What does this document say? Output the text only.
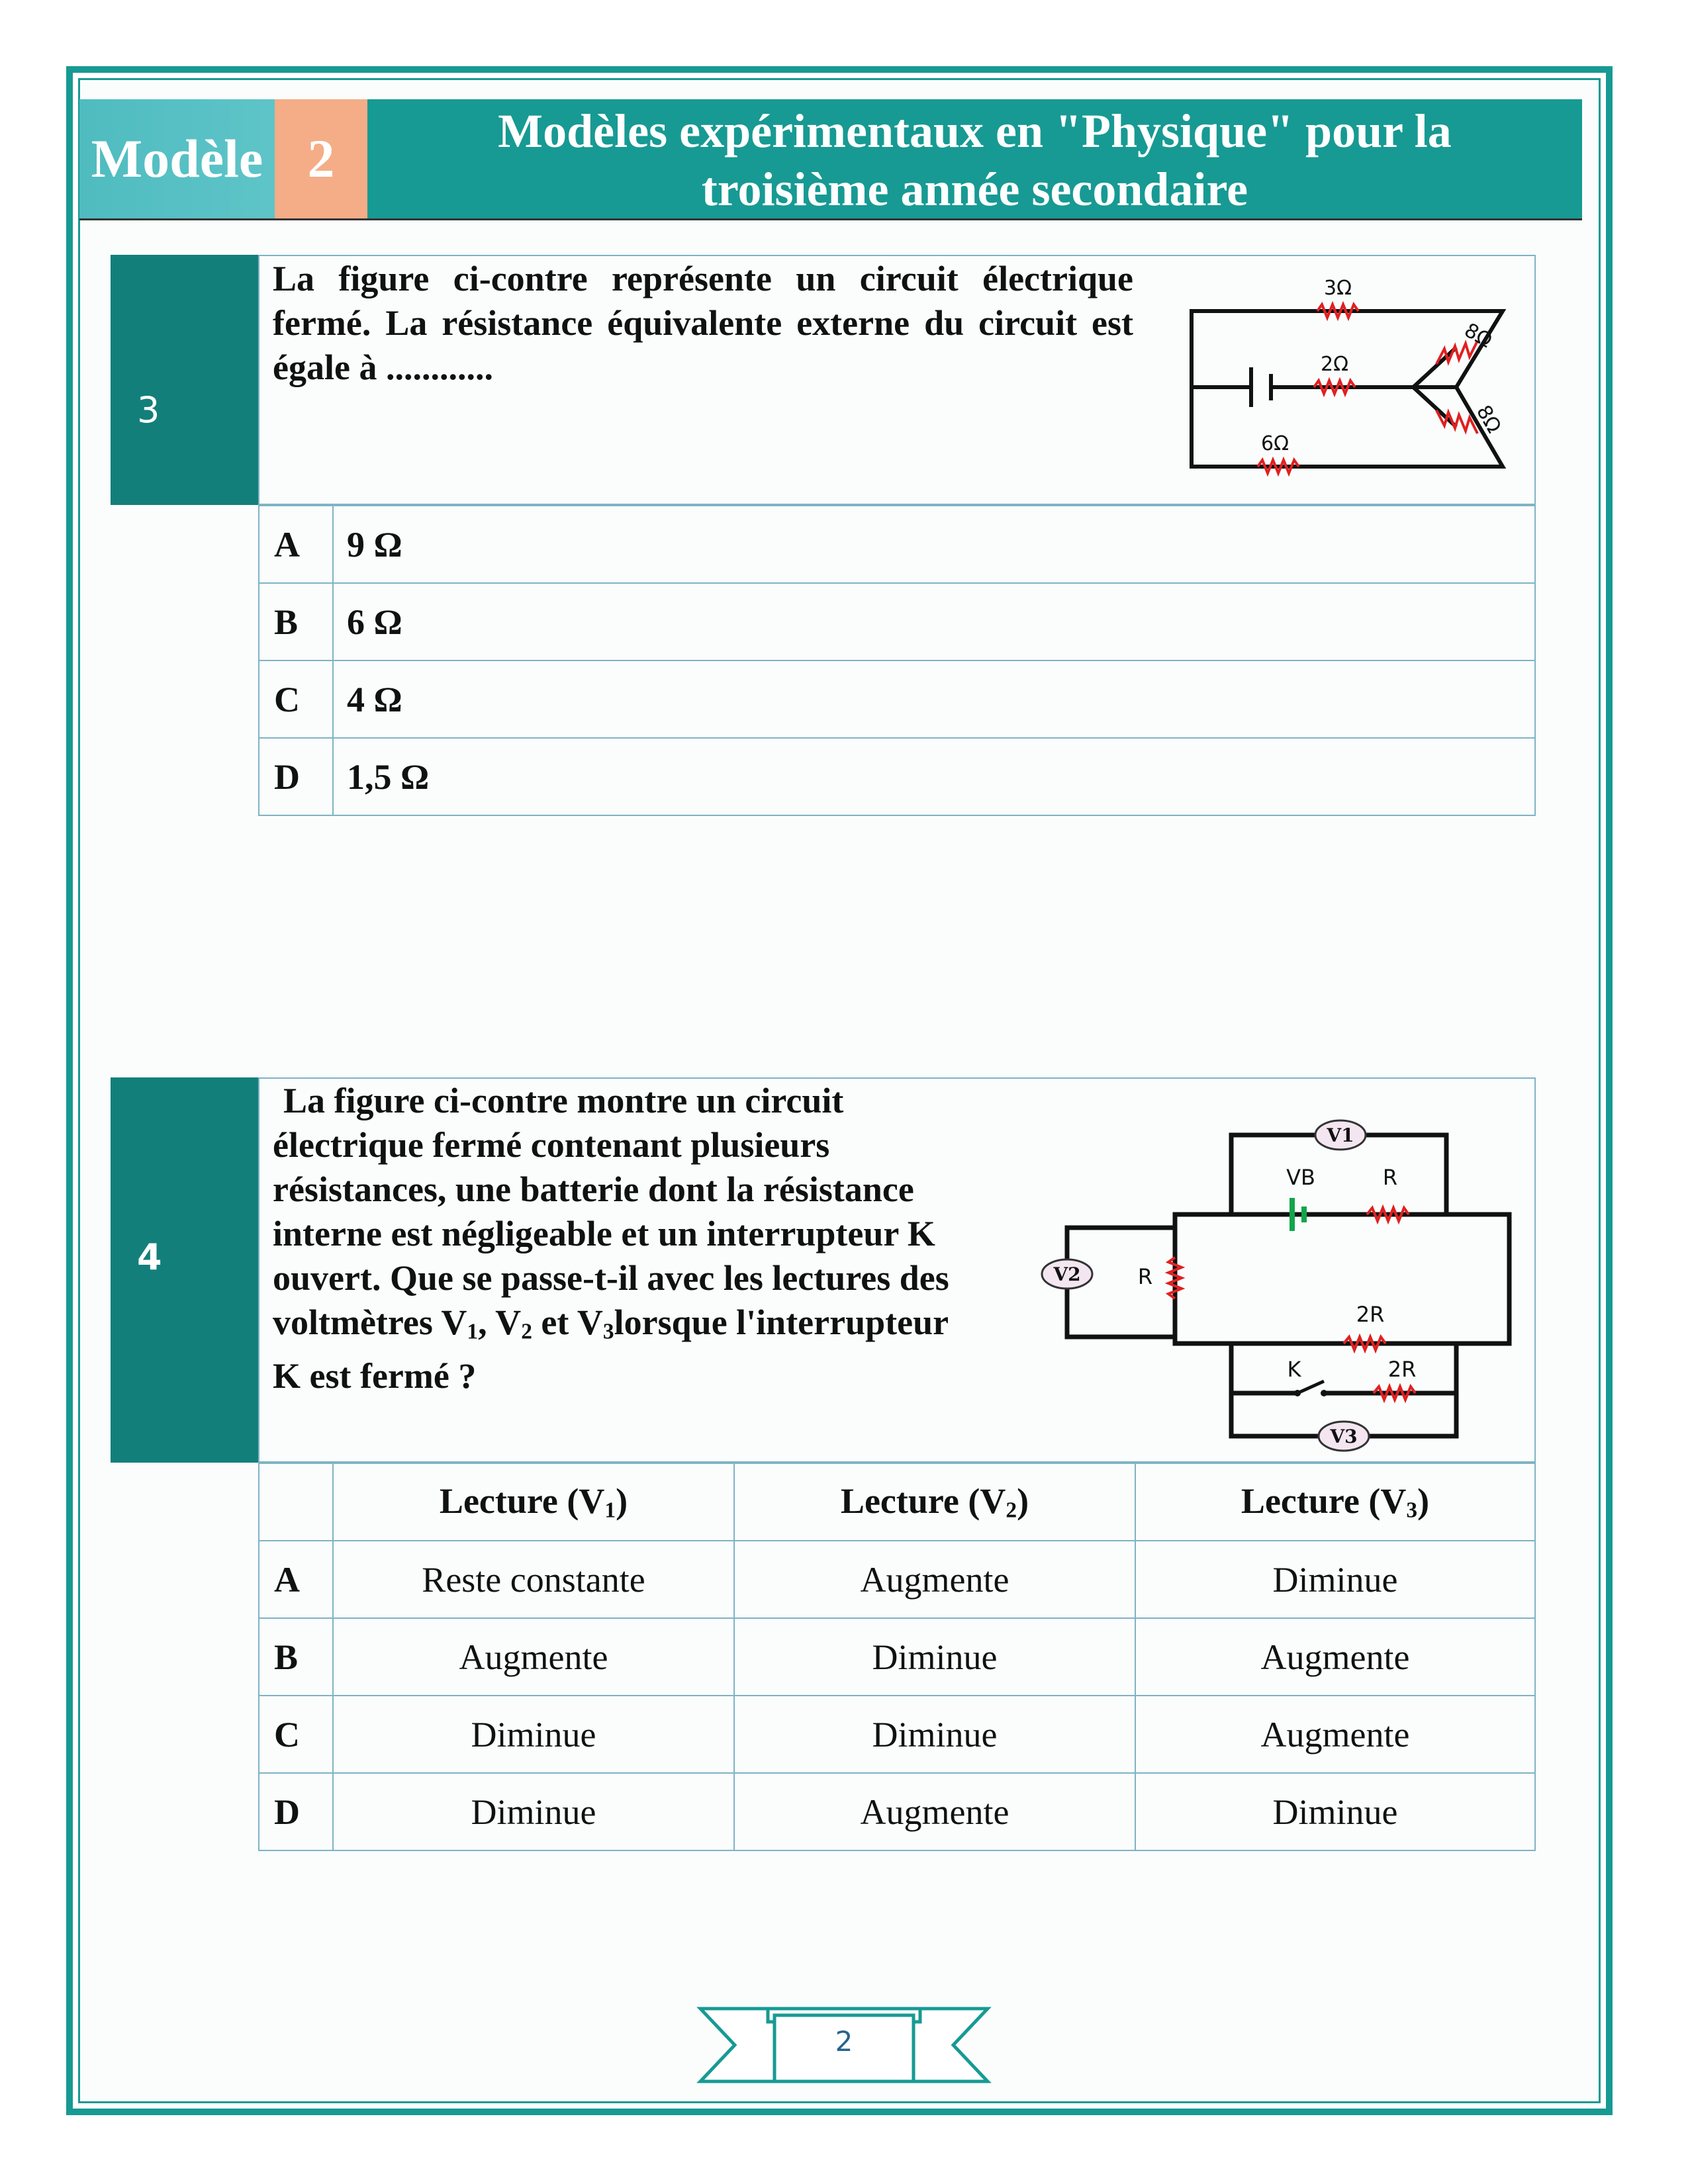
Modèle 2	Modèles expérimentaux en "Physique" pour la
troisième année secondaire
3
La figure ci-contre représente un circuit électrique fermé. La résistance équivalente externe du circuit est égale à ............
3Ω
8Ω
2Ω
8Ω
6Ω
A	9 Ω
B	6 Ω
C	4 Ω
D	1,5 Ω
4
La figure ci-contre montre un circuit
électrique fermé contenant plusieurs
résistances, une batterie dont la résistance
interne est négligeable et un interrupteur K
ouvert. Que se passe-t-il avec les lectures des
voltmètres $V_1$, $V_2$ et $V_3lorsque$ l'interrupteur
K est fermé ?
V1
V2
V3
VB	R
R
2R
K	2R
	Lecture $(V_1)$	Lecture $(V_2)$	Lecture $(V_3)$
A	Reste constante	Augmente	Diminue
B	Augmente	Diminue	Augmente
C	Diminue	Diminue	Augmente
D	Diminue	Augmente	Diminue
2
